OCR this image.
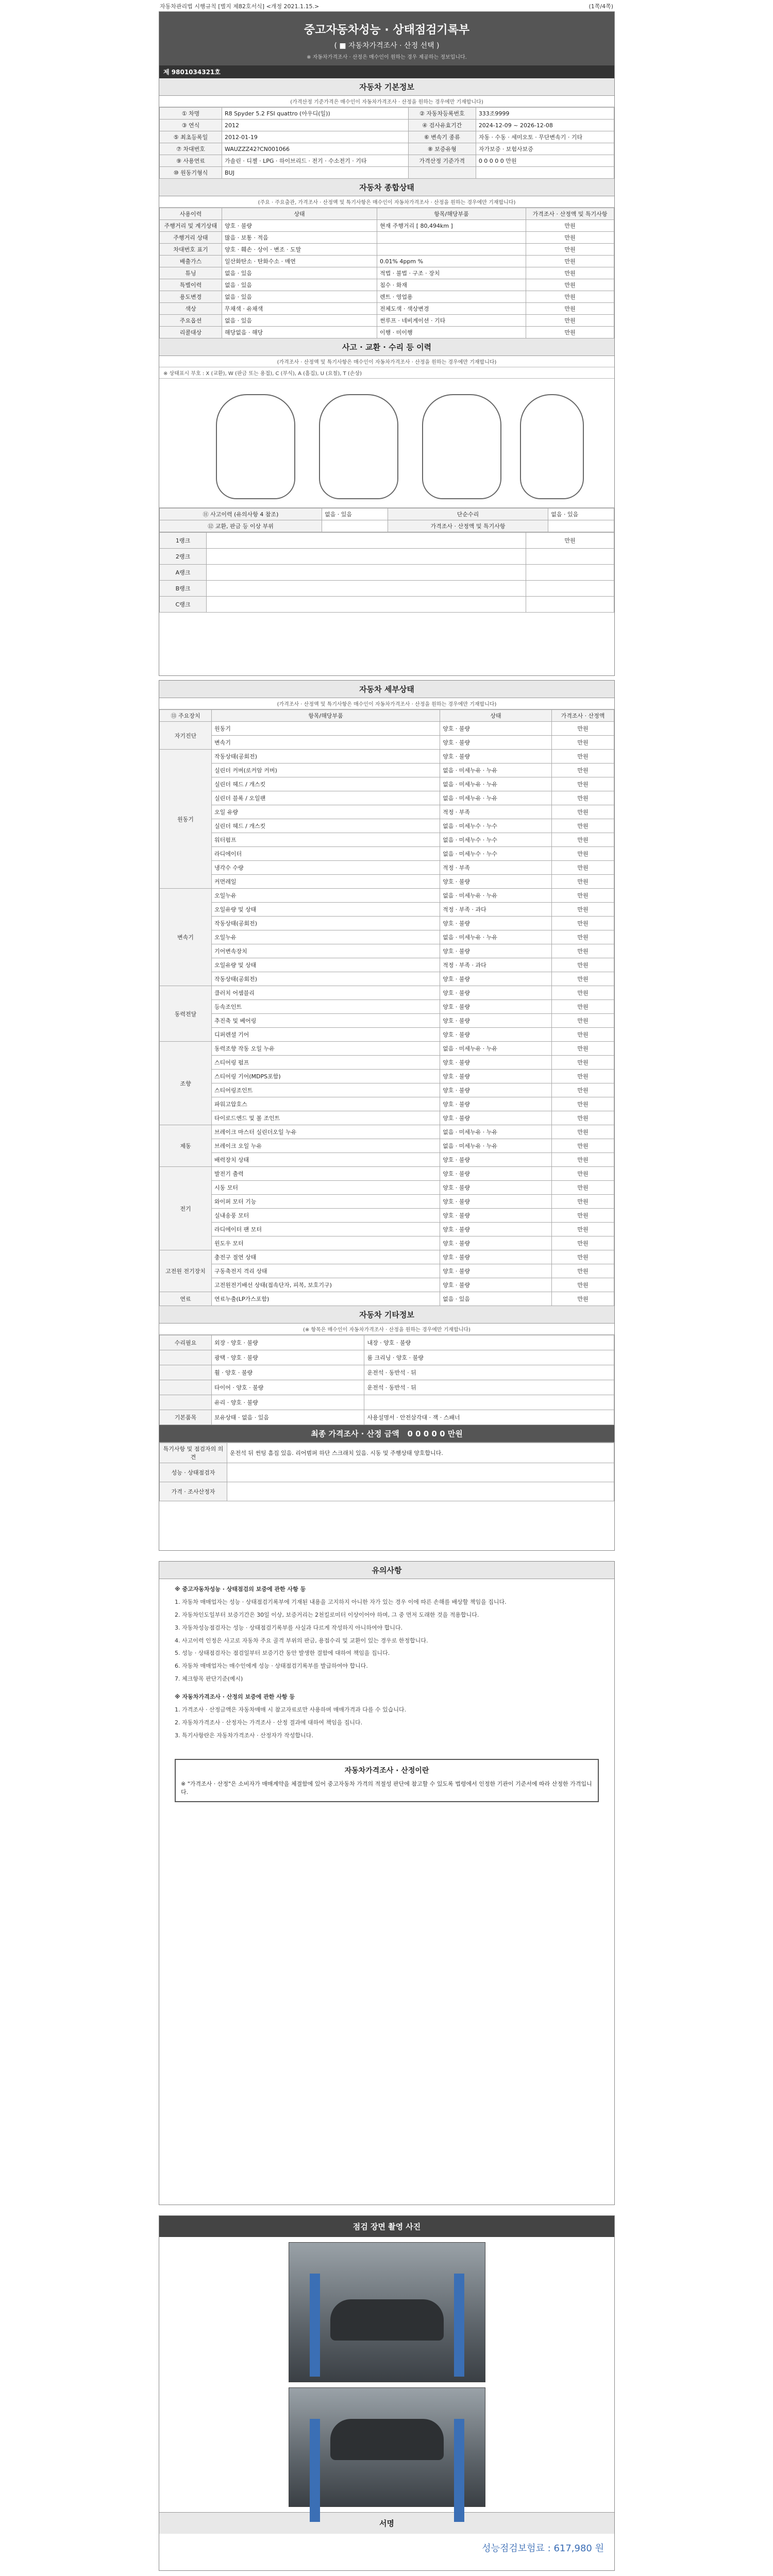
자동차관리법 시행규칙 [별지 제82호서식] <개정 2021.1.15.>	(1쪽/4쪽)
중고자동차성능 · 상태점검기록부
( ■ 자동차가격조사 · 산정 선택 )
※ 자동차가격조사 · 산정은 매수인이 원하는 경우 제공하는 정보입니다.
제 9801034321호
자동차 기본정보
(가격산정 기준가격은 매수인이 자동차가격조사 · 산정을 원하는 경우에만 기재합니다)
① 차명	R8 Spyder 5.2 FSI quattro (아우디(일))	② 자동차등록번호	333조9999
③ 연식	2012	④ 검사유효기간	2024-12-09 ~ 2026-12-08
⑤ 최초등록일	2012-01-19	⑥ 변속기 종류	자동 · 수동 · 세미오토 · 무단변속기 · 기타
⑦ 차대번호	WAUZZZ42?CN001066	⑧ 보증유형	자가보증 · 보험사보증
⑨ 사용연료	가솔린 · 디젤 · LPG · 하이브리드 · 전기 · 수소전기 · 기타	가격산정 기준가격	0 0 0 0 0 만원
⑩ 원동기형식	BUJ		
자동차 종합상태
(주요 · 주요출관, 가격조사 · 산정액 및 특기사항은 매수인이 자동차가격조사 · 산정을 원하는 경우에만 기재합니다)
사용이력	상태	항목/해당부품	가격조사 · 산정액 및 특기사항
주행거리 및 계기상태	양호 · 불량	현재 주행거리 [ 80,494km ]	만원
주행거리 상태	많음 · 보통 · 적음		만원
차대번호 표기	양호 · 훼손 · 상이 · 변조 · 도말		만원
배출가스	일산화탄소 · 탄화수소 · 매연	0.01% 4ppm %	만원
튜닝	없음 · 있음	적법 · 불법 · 구조 · 장치	만원
특별이력	없음 · 있음	침수 · 화재	만원
용도변경	없음 · 있음	렌트 · 영업용	만원
색상	무채색 · 유채색	전체도색 · 색상변경	만원
주요옵션	없음 · 있음	썬루프 · 네비게이션 · 기타	만원
리콜대상	해당없음 · 해당	이행 · 미이행	만원
사고 · 교환 · 수리 등 이력
(가격조사 · 산정액 및 특기사항은 매수인이 자동차가격조사 · 산정을 원하는 경우에만 기재합니다)
※ 상태표시 부호 : X (교환), W (판금 또는 용접), C (부식), A (흠집), U (요철), T (손상)
⑪ 사고이력 (유의사항 4 참조)	없음 · 있음	단순수리	없음 · 있음
⑫ 교환, 판금 등 이상 부위		가격조사 · 산정액 및 특기사항	
1랭크		만원
2랭크		
A랭크		
B랭크		
C랭크		
자동차 세부상태
(가격조사 · 산정액 및 특기사항은 매수인이 자동차가격조사 · 산정을 원하는 경우에만 기재합니다)
⑬ 주요장치	항목/해당부품	상태	가격조사 · 산정액
자기진단	원동기	양호 · 불량	만원
	변속기	양호 · 불량	만원
원동기	작동상태(공회전)	양호 · 불량	만원
	실린더 커버(로커암 커버)	없음 · 미세누유 · 누유	만원
	실린더 헤드 / 개스킷	없음 · 미세누유 · 누유	만원
	실린더 블록 / 오일팬	없음 · 미세누유 · 누유	만원
	오일 유량	적정 · 부족	만원
	실린더 헤드 / 개스킷	없음 · 미세누수 · 누수	만원
	워터펌프	없음 · 미세누수 · 누수	만원
	라디에이터	없음 · 미세누수 · 누수	만원
	냉각수 수량	적정 · 부족	만원
	커먼레일	양호 · 불량	만원
변속기	오일누유	없음 · 미세누유 · 누유	만원
	오일유량 및 상태	적정 · 부족 · 과다	만원
	작동상태(공회전)	양호 · 불량	만원
	오일누유	없음 · 미세누유 · 누유	만원
	기어변속장치	양호 · 불량	만원
	오일유량 및 상태	적정 · 부족 · 과다	만원
	작동상태(공회전)	양호 · 불량	만원
동력전달	클러치 어셈블리	양호 · 불량	만원
	등속조인트	양호 · 불량	만원
	추진축 및 베어링	양호 · 불량	만원
	디퍼렌셜 기어	양호 · 불량	만원
조향	동력조향 작동 오일 누유	없음 · 미세누유 · 누유	만원
	스티어링 펌프	양호 · 불량	만원
	스티어링 기어(MDPS포함)	양호 · 불량	만원
	스티어링조인트	양호 · 불량	만원
	파워고압호스	양호 · 불량	만원
	타이로드엔드 및 볼 조인트	양호 · 불량	만원
제동	브레이크 마스터 실린더오일 누유	없음 · 미세누유 · 누유	만원
	브레이크 오일 누유	없음 · 미세누유 · 누유	만원
	배력장치 상태	양호 · 불량	만원
전기	발전기 출력	양호 · 불량	만원
	시동 모터	양호 · 불량	만원
	와이퍼 모터 기능	양호 · 불량	만원
	실내송풍 모터	양호 · 불량	만원
	라디에이터 팬 모터	양호 · 불량	만원
	윈도우 모터	양호 · 불량	만원
고전원 전기장치	충전구 절연 상태	양호 · 불량	만원
	구동축전지 격리 상태	양호 · 불량	만원
	고전원전기배선 상태(접속단자, 피복, 보호기구)	양호 · 불량	만원
연료	연료누출(LP가스포함)	없음 · 있음	만원
자동차 기타정보
(※ 항목은 매수인이 자동차가격조사 · 산정을 원하는 경우에만 기재합니다)
수리필요	외장 · 양호 · 불량	내장 · 양호 · 불량
	광택 · 양호 · 불량	룸 크리닝 · 양호 · 불량
	휠 · 양호 · 불량	운전석 · 동반석 · 뒤
	타이어 · 양호 · 불량	운전석 · 동반석 · 뒤
	유리 · 양호 · 불량	
기본품목	보유상태 · 없음 · 있음	사용설명서 · 안전삼각대 · 잭 · 스패너
최종 가격조사 · 산정 금액 0 0 0 0 0 만원
특기사항 및 점검자의 의견	운전석 뒤 썬팅 흠집 있음. 리어범퍼 하단 스크래치 있음. 시동 및 주행상태 양호합니다.
성능 · 상태점검자	
가격 · 조사산정자	
유의사항

※ 중고자동차성능 · 상태점검의 보증에 관한 사항 등

1. 자동차 매매업자는 성능 · 상태점검기록부에 기재된 내용을 고지하지 아니한 자가 있는 경우 이에 따른 손해를 배상할 책임을 집니다.

2. 자동차인도일부터 보증기간은 30일 이상, 보증거리는 2천킬로미터 이상이어야 하며, 그 중 먼저 도래한 것을 적용합니다.

3. 자동차성능점검자는 성능 · 상태점검기록부를 사실과 다르게 작성하지 아니하여야 합니다.

4. 사고이력 인정은 사고로 자동차 주요 골격 부위의 판금, 용접수리 및 교환이 있는 경우로 한정합니다.

5. 성능 · 상태점검자는 점검일부터 보증기간 동안 발생한 결함에 대하여 책임을 집니다.

6. 자동차 매매업자는 매수인에게 성능 · 상태점검기록부를 발급하여야 합니다.

7. 체크항목 판단기준(예시)

※ 자동차가격조사 · 산정의 보증에 관한 사항 등

1. 가격조사 · 산정금액은 자동차매매 시 참고자료로만 사용하며 매매가격과 다를 수 있습니다.

2. 자동차가격조사 · 산정자는 가격조사 · 산정 결과에 대하여 책임을 집니다.

3. 특기사항란은 자동차가격조사 · 산정자가 작성합니다.

자동차가격조사 · 산정이란
※ "가격조사 · 산정"은 소비자가 매매계약을 체결함에 있어 중고자동차 가격의 적절성 판단에 참고할 수 있도록 법령에서 인정한 기관이 기준서에 따라 산정한 가격입니다.
점검 장면 촬영 사진
서명
성능점검보험료 : 617,980 원
